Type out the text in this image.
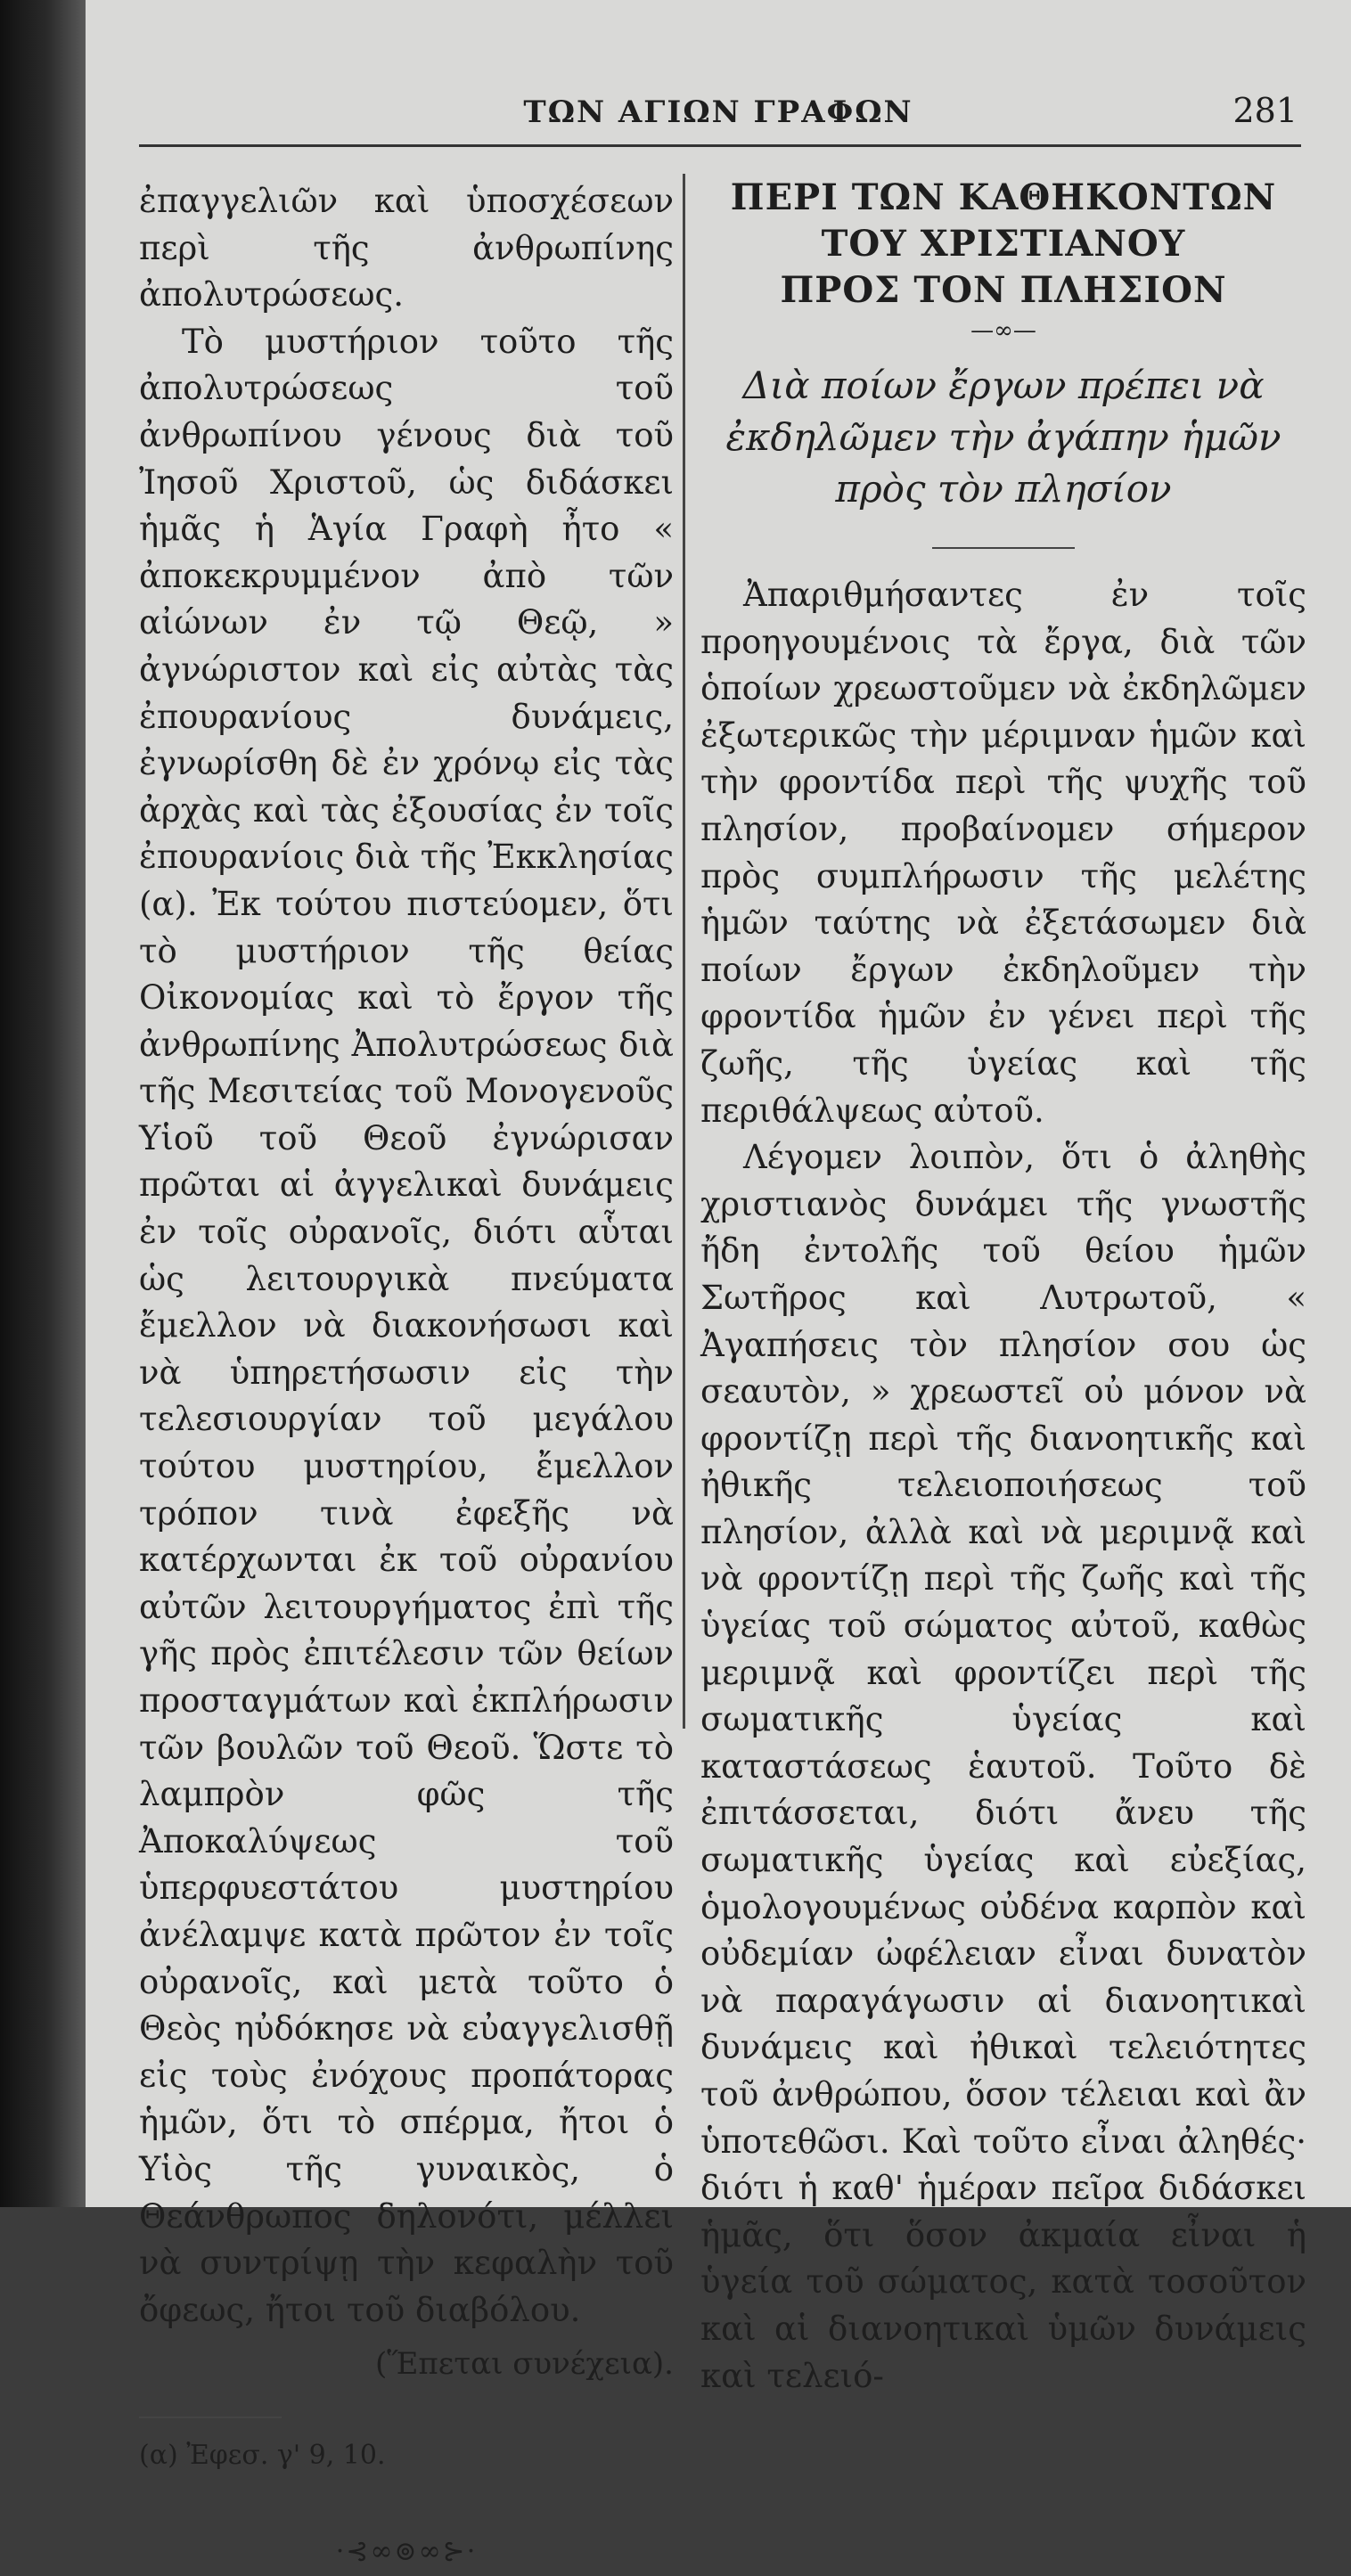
ΤΩΝ ΑΓΙΩΝ ΓΡΑΦΩΝ	281

ἐπαγγελιῶν καὶ ὑποσχέσεων περὶ τῆς ἀνθρωπίνης ἀπολυτρώσεως.

Τὸ μυστήριον τοῦτο τῆς ἀπολυτρώσεως τοῦ ἀνθρωπίνου γένους διὰ τοῦ Ἰησοῦ Χριστοῦ, ὡς διδάσκει ἡμᾶς ἡ Ἁγία Γραφὴ ἦτο « ἀποκεκρυμμένον ἀπὸ τῶν αἰώνων ἐν τῷ Θεῷ, » ἀγνώριστον καὶ εἰς αὐτὰς τὰς ἐπουρανίους δυνάμεις, ἐγνωρίσθη δὲ ἐν χρόνῳ εἰς τὰς ἀρχὰς καὶ τὰς ἐξουσίας ἐν τοῖς ἐπουρανίοις διὰ τῆς Ἐκκλησίας (α). Ἐκ τούτου πιστεύομεν, ὅτι τὸ μυστήριον τῆς θείας Οἰκονομίας καὶ τὸ ἔργον τῆς ἀνθρωπίνης Ἀπολυτρώσεως διὰ τῆς Μεσιτείας τοῦ Μονογενοῦς Υἱοῦ τοῦ Θεοῦ ἐγνώρισαν πρῶται αἱ ἀγγελικαὶ δυνάμεις ἐν τοῖς οὐρανοῖς, διότι αὗται ὡς λειτουργικὰ πνεύματα ἔμελλον νὰ διακονήσωσι καὶ νὰ ὑπηρετήσωσιν εἰς τὴν τελεσιουργίαν τοῦ μεγάλου τούτου μυστηρίου, ἔμελλον τρόπον τινὰ ἐφεξῆς νὰ κατέρχωνται ἐκ τοῦ οὐρανίου αὐτῶν λειτουργήματος ἐπὶ τῆς γῆς πρὸς ἐπιτέλεσιν τῶν θείων προσταγμάτων καὶ ἐκπλήρωσιν τῶν βουλῶν τοῦ Θεοῦ. Ὥστε τὸ λαμπρὸν φῶς τῆς Ἀποκαλύψεως τοῦ ὑπερφυεστάτου μυστηρίου ἀνέλαμψε κατὰ πρῶτον ἐν τοῖς οὐρανοῖς, καὶ μετὰ τοῦτο ὁ Θεὸς ηὐδόκησε νὰ εὐαγγελισθῇ εἰς τοὺς ἐνόχους προπάτορας ἡμῶν, ὅτι τὸ σπέρμα, ἤτοι ὁ Υἱὸς τῆς γυναικὸς, ὁ Θεάνθρωπος δηλονότι, μέλλει νὰ συντρίψῃ τὴν κεφαλὴν τοῦ ὄφεως, ἤτοι τοῦ διαβόλου.

(Ἕπεται συνέχεια).

(α) Ἐφεσ. γ' 9, 10.

·⊰∞⊚∞⊱·
ΠΕΡΙ ΤΩΝ ΚΑΘΗΚΟΝΤΩΝ
ΤΟΥ ΧΡΙΣΤΙΑΝΟΥ
ΠΡΟΣ ΤΟΝ ΠΛΗΣΙΟΝ
—∞—
Διὰ ποίων ἔργων πρέπει νὰ ἐκδηλῶμεν τὴν ἀγάπην ἡμῶν πρὸς τὸν πλησίον

Ἀπαριθμήσαντες ἐν τοῖς προηγουμένοις τὰ ἔργα, διὰ τῶν ὁποίων χρεωστοῦμεν νὰ ἐκδηλῶμεν ἐξωτερικῶς τὴν μέριμναν ἡμῶν καὶ τὴν φροντίδα περὶ τῆς ψυχῆς τοῦ πλησίον, προβαίνομεν σήμερον πρὸς συμπλήρωσιν τῆς μελέτης ἡμῶν ταύτης νὰ ἐξετάσωμεν διὰ ποίων ἔργων ἐκδηλοῦμεν τὴν φροντίδα ἡμῶν ἐν γένει περὶ τῆς ζωῆς, τῆς ὑγείας καὶ τῆς περιθάλψεως αὐτοῦ.

Λέγομεν λοιπὸν, ὅτι ὁ ἀληθὴς χριστιανὸς δυνάμει τῆς γνωστῆς ἤδη ἐντολῆς τοῦ θείου ἡμῶν Σωτῆρος καὶ Λυτρωτοῦ, « Ἀγαπήσεις τὸν πλησίον σου ὡς σεαυτὸν, » χρεωστεῖ οὐ μόνον νὰ φροντίζῃ περὶ τῆς διανοητικῆς καὶ ἠθικῆς τελειοποιήσεως τοῦ πλησίον, ἀλλὰ καὶ νὰ μεριμνᾷ καὶ νὰ φροντίζῃ περὶ τῆς ζωῆς καὶ τῆς ὑγείας τοῦ σώματος αὐτοῦ, καθὼς μεριμνᾷ καὶ φροντίζει περὶ τῆς σωματικῆς ὑγείας καὶ καταστάσεως ἑαυτοῦ. Τοῦτο δὲ ἐπιτάσσεται, διότι ἄνευ τῆς σωματικῆς ὑγείας καὶ εὐεξίας, ὁμολογουμένως οὐδένα καρπὸν καὶ οὐδεμίαν ὠφέλειαν εἶναι δυνατὸν νὰ παραγάγωσιν αἱ διανοητικαὶ δυνάμεις καὶ ἠθικαὶ τελειότητες τοῦ ἀνθρώπου, ὅσον τέλειαι καὶ ἂν ὑποτεθῶσι. Καὶ τοῦτο εἶναι ἀληθές· διότι ἡ καθ' ἡμέραν πεῖρα διδάσκει ἡμᾶς, ὅτι ὅσον ἀκμαία εἶναι ἡ ὑγεία τοῦ σώματος, κατὰ τοσοῦτον καὶ αἱ διανοητικαὶ ὑμῶν δυνάμεις καὶ τελειό-
